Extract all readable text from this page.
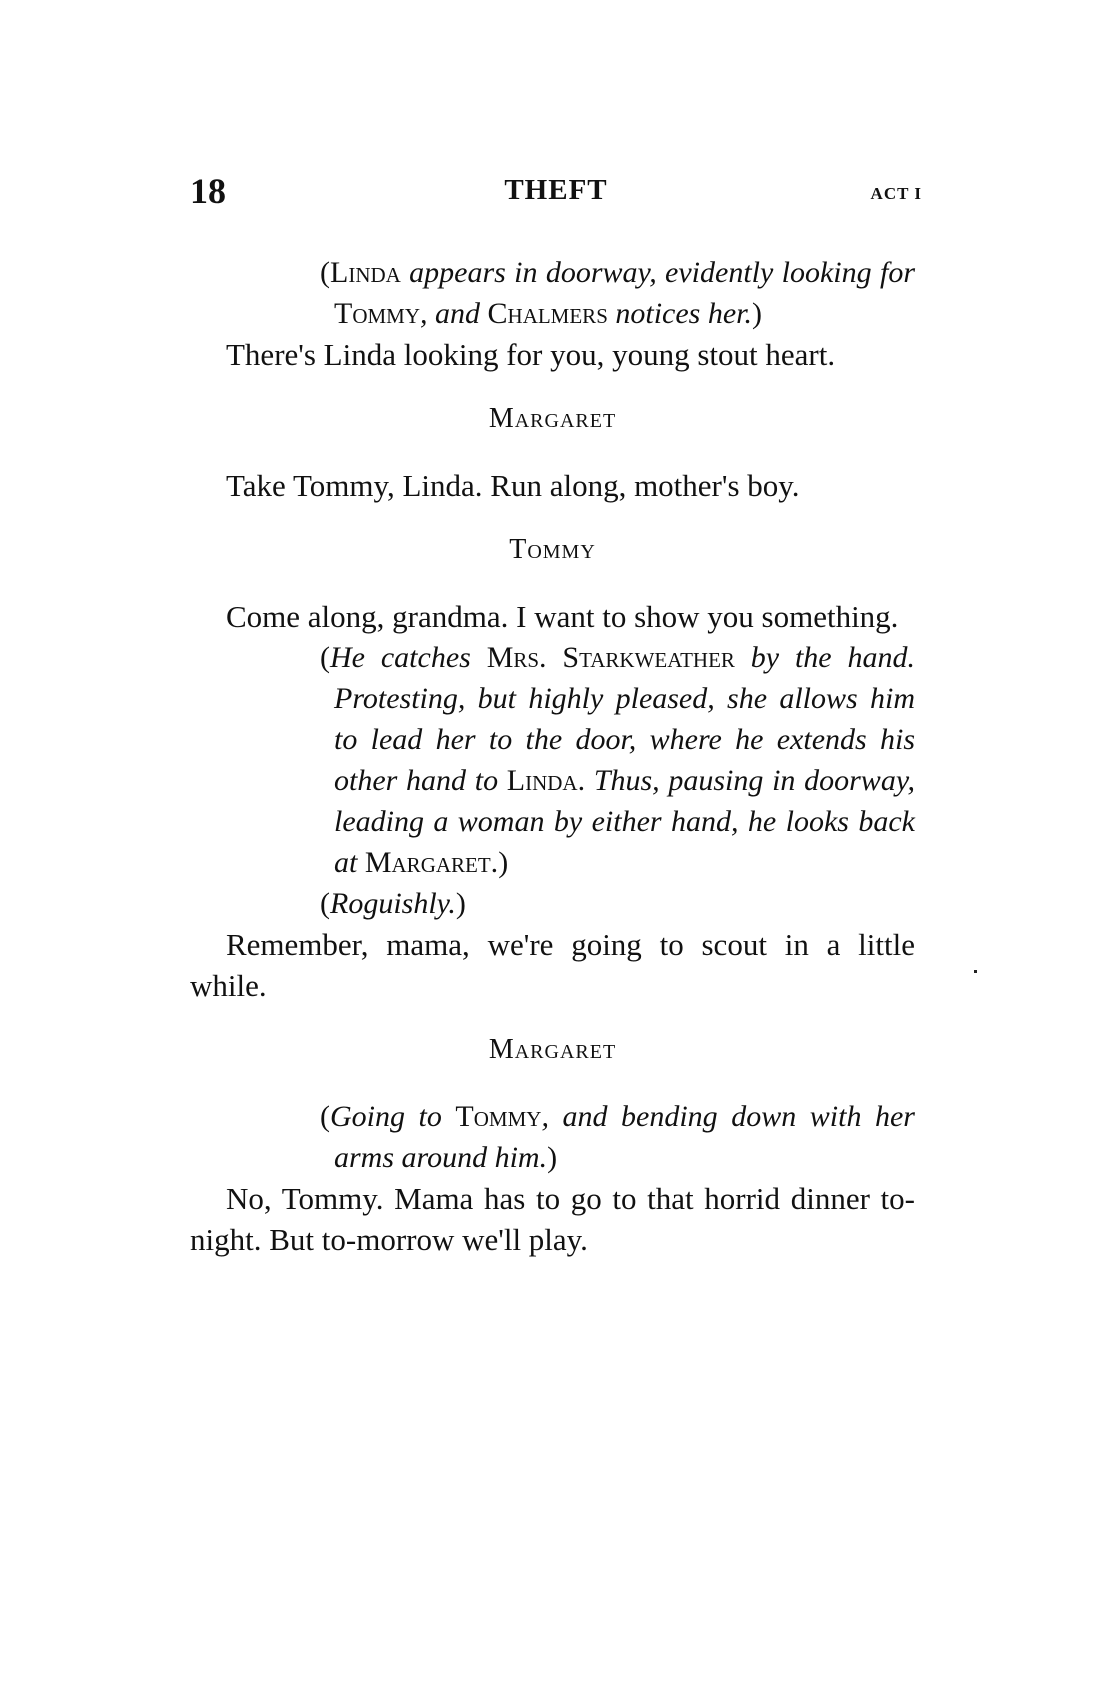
18	THEFT	ACT I

(Linda appears in doorway, evidently looking for Tommy, and Chalmers notices her.)

There's Linda looking for you, young stout heart.

Margaret

Take Tommy, Linda. Run along, mother's boy.

Tommy

Come along, grandma. I want to show you something.

(He catches Mrs. Starkweather by the hand. Protesting, but highly pleased, she allows him to lead her to the door, where he extends his other hand to Linda. Thus, pausing in doorway, leading a woman by either hand, he looks back at Margaret.)

(Roguishly.)

Remember, mama, we're going to scout in a little while.

Margaret

(Going to Tommy, and bending down with her arms around him.)

No, Tommy. Mama has to go to that horrid dinner to-night. But to-morrow we'll play.
